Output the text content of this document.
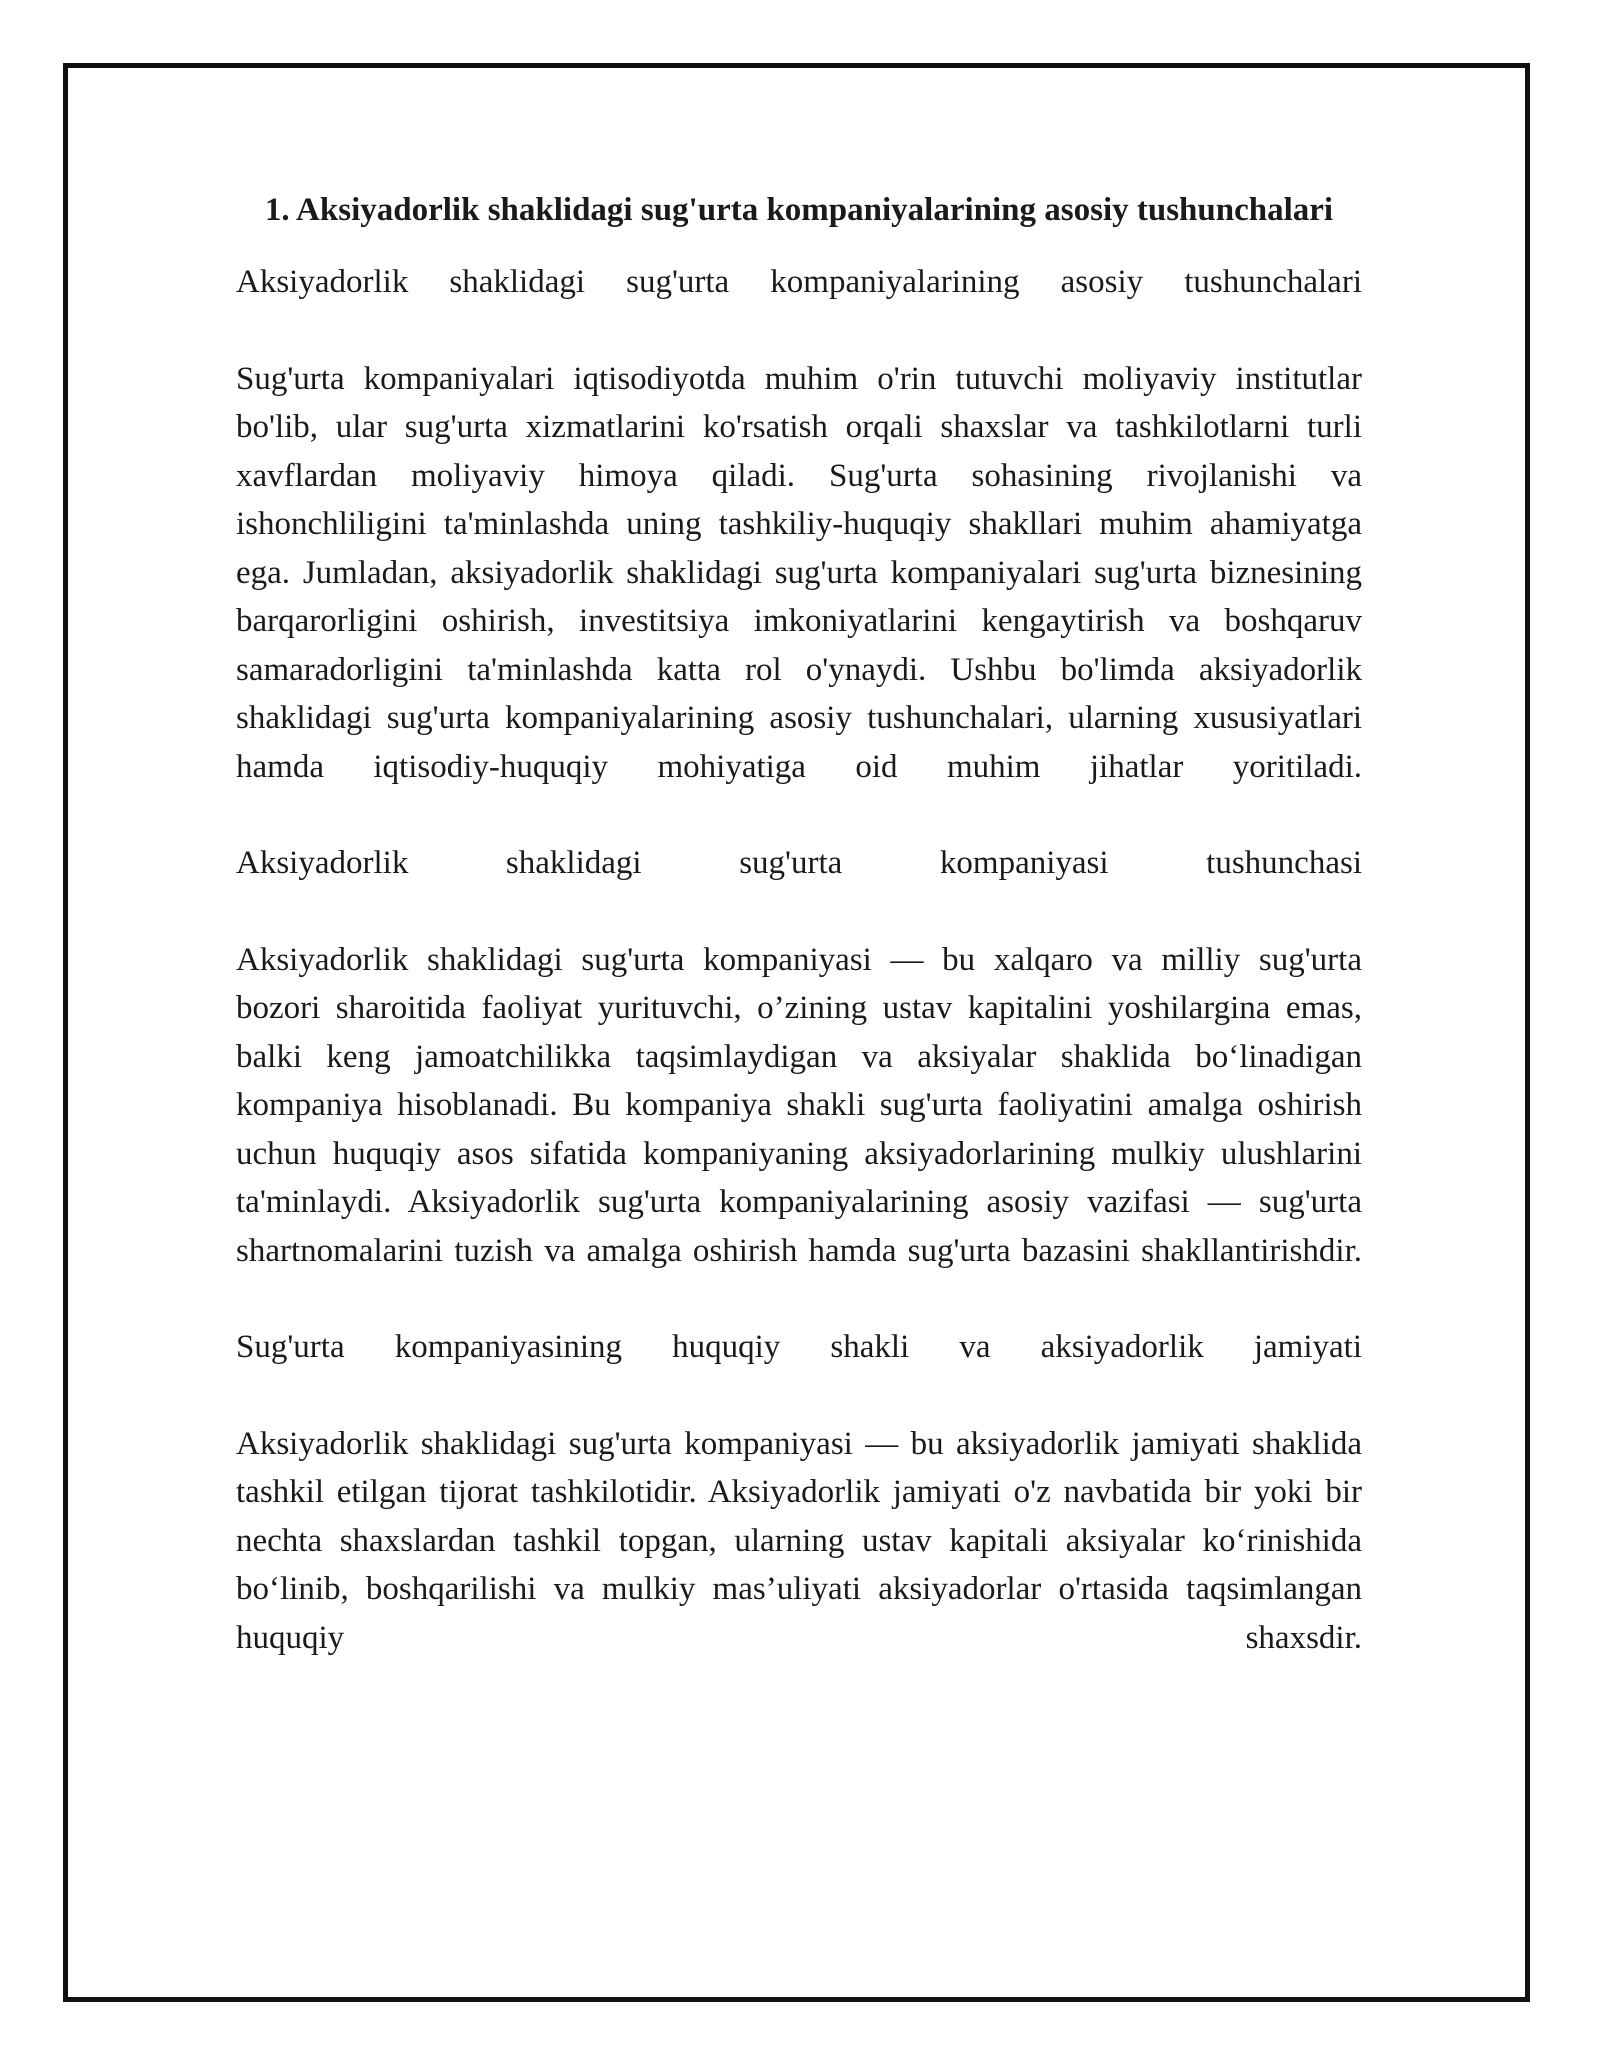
1. Aksiyadorlik shaklidagi sug'urta kompaniyalarining asosiy tushunchalari

Aksiyadorlik shaklidagi sug'urta kompaniyalarining asosiy tushunchalari

Sug'urta kompaniyalari iqtisodiyotda muhim o'rin tutuvchi moliyaviy institutlar bo'lib, ular sug'urta xizmatlarini ko'rsatish orqali shaxslar va tashkilotlarni turli xavflardan moliyaviy himoya qiladi. Sug'urta sohasining rivojlanishi va ishonchliligini ta'minlashda uning tashkiliy-huquqiy shakllari muhim ahamiyatga ega. Jumladan, aksiyadorlik shaklidagi sug'urta kompaniyalari sug'urta biznesining barqarorligini oshirish, investitsiya imkoniyatlarini kengaytirish va boshqaruv samaradorligini ta'minlashda katta rol o'ynaydi. Ushbu bo'limda aksiyadorlik shaklidagi sug'urta kompaniyalarining asosiy tushunchalari, ularning xususiyatlari hamda iqtisodiy-huquqiy mohiyatiga oid muhim jihatlar yoritiladi.

Aksiyadorlik shaklidagi sug'urta kompaniyasi tushunchasi

Aksiyadorlik shaklidagi sug'urta kompaniyasi — bu xalqaro va milliy sug'urta bozori sharoitida faoliyat yurituvchi, o’zining ustav kapitalini yoshilargina emas, balki keng jamoatchilikka taqsimlaydigan va aksiyalar shaklida bo‘linadigan kompaniya hisoblanadi. Bu kompaniya shakli sug'urta faoliyatini amalga oshirish uchun huquqiy asos sifatida kompaniyaning aksiyadorlarining mulkiy ulushlarini ta'minlaydi. Aksiyadorlik sug'urta kompaniyalarining asosiy vazifasi — sug'urta shartnomalarini tuzish va amalga oshirish hamda sug'urta bazasini shakllantirishdir.

Sug'urta kompaniyasining huquqiy shakli va aksiyadorlik jamiyati

Aksiyadorlik shaklidagi sug'urta kompaniyasi — bu aksiyadorlik jamiyati shaklida tashkil etilgan tijorat tashkilotidir. Aksiyadorlik jamiyati o'z navbatida bir yoki bir nechta shaxslardan tashkil topgan, ularning ustav kapitali aksiyalar ko‘rinishida bo‘linib, boshqarilishi va mulkiy mas’uliyati aksiyadorlar o'rtasida taqsimlangan huquqiy shaxsdir.
